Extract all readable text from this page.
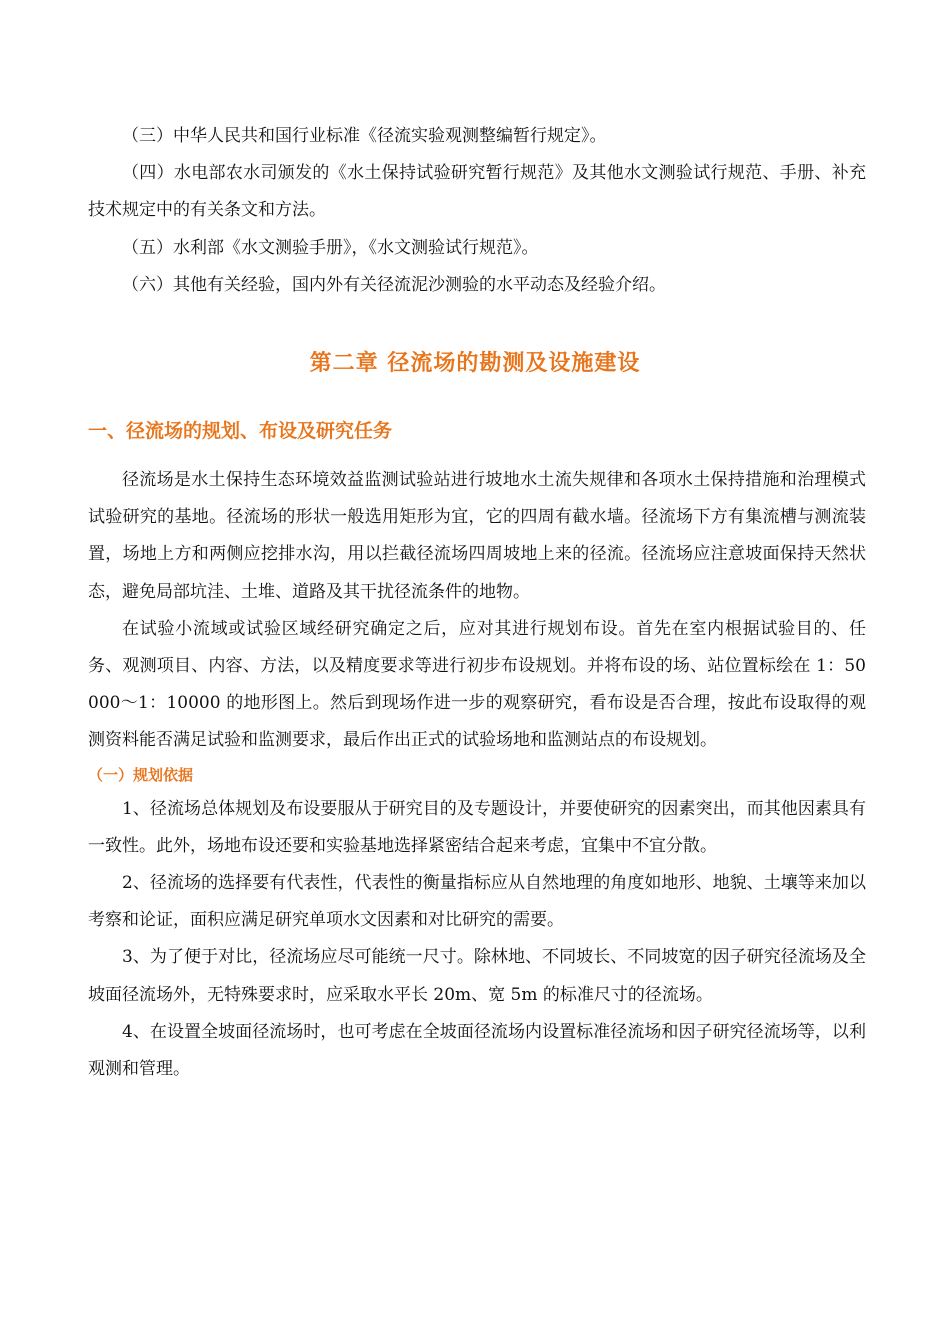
（三）中华人民共和国行业标准《径流实验观测整编暂行规定》。

（四）水电部农水司颁发的《水土保持试验研究暂行规范》及其他水文测验试行规范、手册、补充技术规定中的有关条文和方法。

（五）水利部《水文测验手册》，《水文测验试行规范》。

（六）其他有关经验，国内外有关径流泥沙测验的水平动态及经验介绍。

第二章 径流场的勘测及设施建设
一、径流场的规划、布设及研究任务

径流场是水土保持生态环境效益监测试验站进行坡地水土流失规律和各项水土保持措施和治理模式试验研究的基地。径流场的形状一般选用矩形为宜，它的四周有截水墙。径流场下方有集流槽与测流装置，场地上方和两侧应挖排水沟，用以拦截径流场四周坡地上来的径流。径流场应注意坡面保持天然状态，避免局部坑洼、土堆、道路及其干扰径流条件的地物。

在试验小流域或试验区域经研究确定之后，应对其进行规划布设。首先在室内根据试验目的、任务、观测项目、内容、方法，以及精度要求等进行初步布设规划。并将布设的场、站位置标绘在 1：50000～1：10000 的地形图上。然后到现场作进一步的观察研究，看布设是否合理，按此布设取得的观测资料能否满足试验和监测要求，最后作出正式的试验场地和监测站点的布设规划。

（一）规划依据

1、径流场总体规划及布设要服从于研究目的及专题设计，并要使研究的因素突出，而其他因素具有一致性。此外，场地布设还要和实验基地选择紧密结合起来考虑，宜集中不宜分散。

2、径流场的选择要有代表性，代表性的衡量指标应从自然地理的角度如地形、地貌、土壤等来加以考察和论证，面积应满足研究单项水文因素和对比研究的需要。

3、为了便于对比，径流场应尽可能统一尺寸。除林地、不同坡长、不同坡宽的因子研究径流场及全坡面径流场外，无特殊要求时，应采取水平长 20m、宽 5m 的标准尺寸的径流场。

4、在设置全坡面径流场时，也可考虑在全坡面径流场内设置标准径流场和因子研究径流场等，以利观测和管理。
